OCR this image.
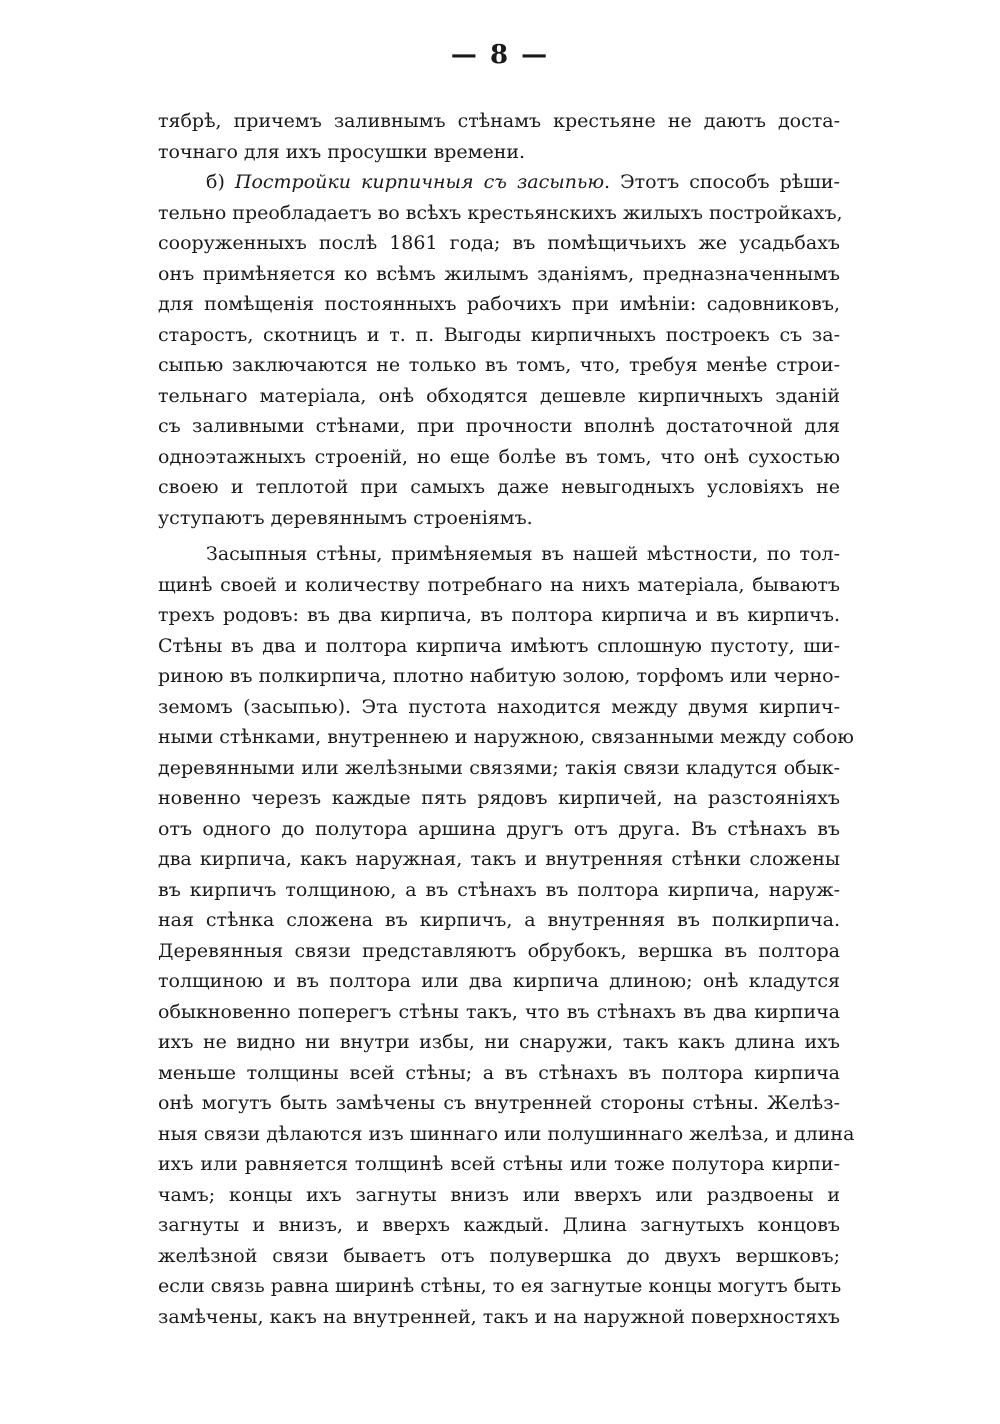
— 8 —
тябрѣ, причемъ заливнымъ стѣнамъ крестьяне не даютъ доста-
точнаго для ихъ просушки времени.
б) Постройки кирпичныя съ засыпью. Этотъ способъ рѣши-
тельно преобладаетъ во всѣхъ крестьянскихъ жилыхъ постройкахъ,
сооруженныхъ послѣ 1861 года; въ помѣщичьихъ же усадьбахъ
онъ примѣняется ко всѣмъ жилымъ зданіямъ, предназначеннымъ
для помѣщенія постоянныхъ рабочихъ при имѣніи: садовниковъ,
старостъ, скотницъ и т. п. Выгоды кирпичныхъ построекъ съ за-
сыпью заключаются не только въ томъ, что, требуя менѣе строи-
тельнаго матеріала, онѣ обходятся дешевле кирпичныхъ зданій
съ заливными стѣнами, при прочности вполнѣ достаточной для
одноэтажныхъ строеній, но еще болѣе въ томъ, что онѣ сухостью
своею и теплотой при самыхъ даже невыгодныхъ условіяхъ не
уступаютъ деревяннымъ строеніямъ.
Засыпныя стѣны, примѣняемыя въ нашей мѣстности, по тол-
щинѣ своей и количеству потребнаго на нихъ матеріала, бываютъ
трехъ родовъ: въ два кирпича, въ полтора кирпича и въ кирпичъ.
Стѣны въ два и полтора кирпича имѣютъ сплошную пустоту, ши-
риною въ полкирпича, плотно набитую золою, торфомъ или черно-
земомъ (засыпью). Эта пустота находится между двумя кирпич-
ными стѣнками, внутреннею и наружною, связанными между собою
деревянными или желѣзными связями; такія связи кладутся обык-
новенно черезъ каждые пять рядовъ кирпичей, на разстояніяхъ
отъ одного до полутора аршина другъ отъ друга. Въ стѣнахъ въ
два кирпича, какъ наружная, такъ и внутренняя стѣнки сложены
въ кирпичъ толщиною, а въ стѣнахъ въ полтора кирпича, наруж-
ная стѣнка сложена въ кирпичъ, а внутренняя въ полкирпича.
Деревянныя связи представляютъ обрубокъ, вершка въ полтора
толщиною и въ полтора или два кирпича длиною; онѣ кладутся
обыкновенно поперегъ стѣны такъ, что въ стѣнахъ въ два кирпича
ихъ не видно ни внутри избы, ни снаружи, такъ какъ длина ихъ
меньше толщины всей стѣны; а въ стѣнахъ въ полтора кирпича
онѣ могутъ быть замѣчены съ внутренней стороны стѣны. Желѣз-
ныя связи дѣлаются изъ шиннаго или полушиннаго желѣза, и длина
ихъ или равняется толщинѣ всей стѣны или тоже полутора кирпи-
чамъ; концы ихъ загнуты внизъ или вверхъ или раздвоены и
загнуты и внизъ, и вверхъ каждый. Длина загнутыхъ концовъ
желѣзной связи бываетъ отъ полувершка до двухъ вершковъ;
если связь равна ширинѣ стѣны, то ея загнутые концы могутъ быть
замѣчены, какъ на внутренней, такъ и на наружной поверхностяхъ
